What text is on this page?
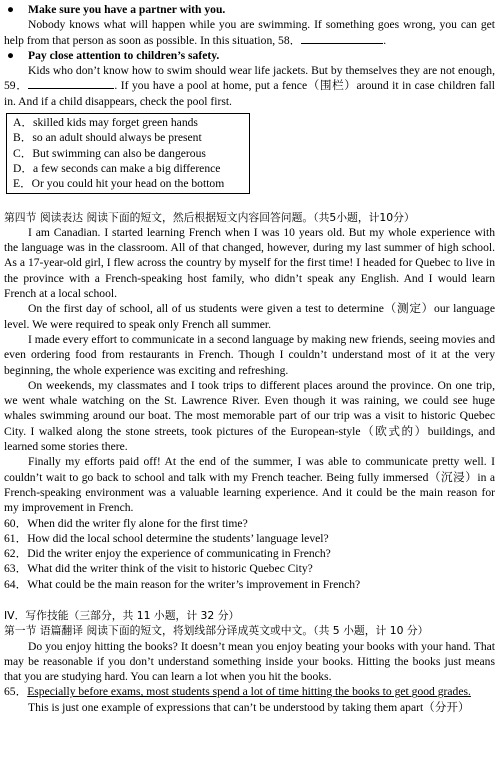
● Make sure you have a partner with you.

Nobody knows what will happen while you are swimming. If something goes wrong, you can get help from that person as soon as possible. In this situation, 58．	.

● Pay close attention to children’s safety.

Kids who don’t know how to swim should wear life jackets. But by themselves they are not enough, 59．	. If you have a pool at home, put a fence（围栏）around it in case children fall in. And if a child disappears, check the pool first.

A．skilled kids may forget green hands

B．so an adult should always be present

C．But swimming can also be dangerous

D．a few seconds can make a big difference

E．Or you could hit your head on the bottom

第四节 阅读表达 阅读下面的短文，然后根据短文内容回答问题。（共5小题，计10分）

I am Canadian. I started learning French when I was 10 years old. But my whole experience with the language was in the classroom. All of that changed, however, during my last summer of high school. As a 17-year-old girl, I flew across the country by myself for the first time! I headed for Quebec to live in the province with a French-speaking host family, who didn’t speak any English. And I would learn French at a local school.

On the first day of school, all of us students were given a test to determine（测定）our language level. We were required to speak only French all summer.

I made every effort to communicate in a second language by making new friends, seeing movies and even ordering food from restaurants in French. Though I couldn’t understand most of it at the very beginning, the whole experience was exciting and refreshing.

On weekends, my classmates and I took trips to different places around the province. On one trip, we went whale watching on the St. Lawrence River. Even though it was raining, we could see huge whales swimming around our boat. The most memorable part of our trip was a visit to historic Quebec City. I walked along the stone streets, took pictures of the European-style（欧式的）buildings, and learned some stories there.

Finally my efforts paid off! At the end of the summer, I was able to communicate pretty well. I couldn’t wait to go back to school and talk with my French teacher. Being fully immersed（沉浸）in a French-speaking environment was a valuable learning experience. And it could be the main reason for my improvement in French.

60．When did the writer fly alone for the first time?

61．How did the local school determine the students’ language level?

62．Did the writer enjoy the experience of communicating in French?

63．What did the writer think of the visit to historic Quebec City?

64．What could be the main reason for the writer’s improvement in French?

IV．写作技能（三部分，共 11 小题，计 32 分）

第一节 语篇翻译 阅读下面的短文，将划线部分译成英文或中文。（共 5 小题，计 10 分）

Do you enjoy hitting the books? It doesn’t mean you enjoy beating your books with your hand. That may be reasonable if you don’t understand something inside your books. Hitting the books just means that you are studying hard. You can learn a lot when you hit the books.

65．Especially before exams, most students spend a lot of time hitting the books to get good grades.

This is just one example of expressions that can’t be understood by taking them apart（分开）
